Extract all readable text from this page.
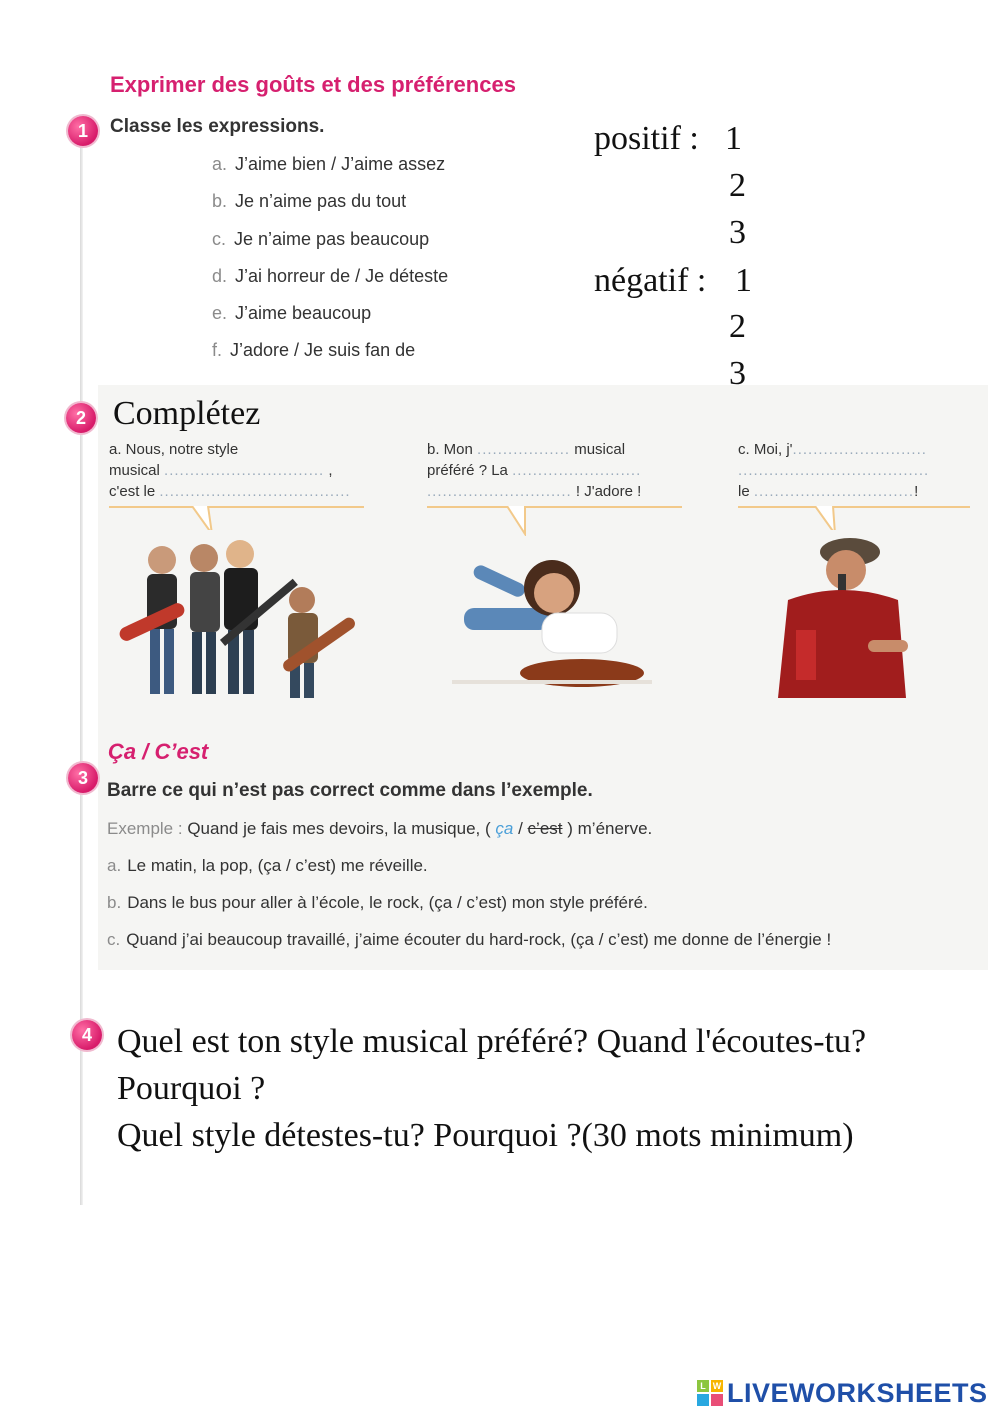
Exprimer des goûts et des préférences
1	Classe les expressions.
a. J’aime bien / J’aime assez
b. Je n’aime pas du tout
c. Je n’aime pas beaucoup
d. J’ai horreur de / Je déteste
e. J’aime beaucoup
f. J’adore / Je suis fan de
positif : 1
2
3
négatif : 1
2
3
2 Complétez
a. Nous, notre style
musical ............................... ,
c'est le .....................................
b. Mon .................. musical
préféré ? La .........................
............................ ! J'adore !
c. Moi, j'..........................
.....................................
le ...............................!
Ça / C’est
3
Barre ce qui n’est pas correct comme dans l’exemple.
Exemple : Quand je fais mes devoirs, la musique, ( ça / c’est ) m’énerve.
a. Le matin, la pop, (ça / c’est) me réveille.
b. Dans le bus pour aller à l’école, le rock, (ça / c’est) mon style préféré.
c. Quand j’ai beaucoup travaillé, j’aime écouter du hard-rock, (ça / c’est) me donne de l’énergie !
4 Quel est ton style musical préféré? Quand l'écoutes-tu?
Pourquoi ?
Quel style détestes-tu? Pourquoi ?(30 mots minimum)
L W LIVEWORKSHEETS
